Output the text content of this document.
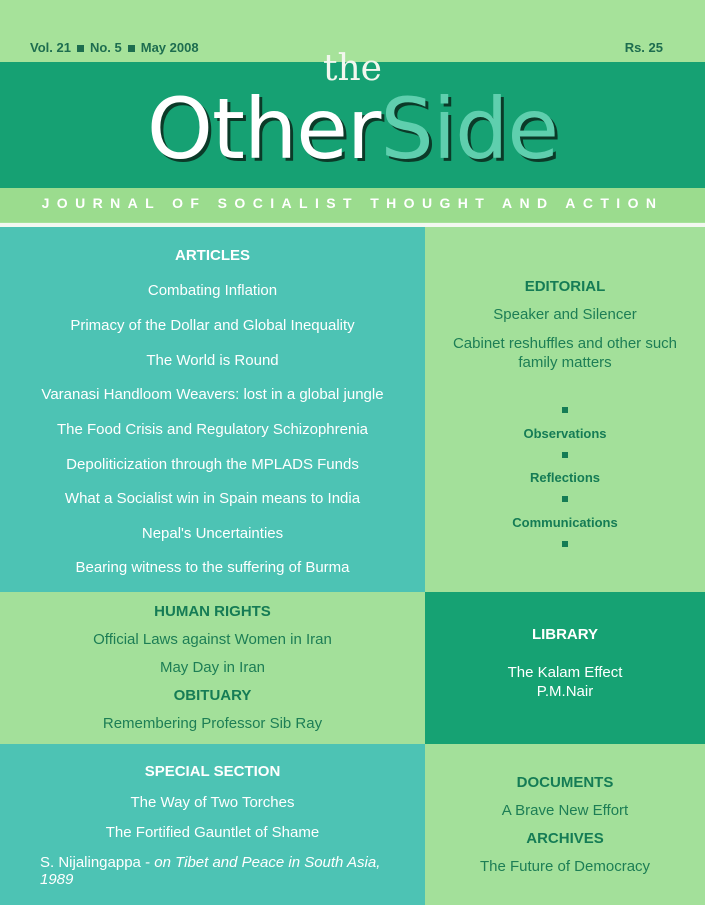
Vol. 21 No. 5 May 2008	Rs. 25
the
OtherSide
JOURNAL OF SOCIALIST THOUGHT AND ACTION
ARTICLES
Combating Inflation
Primacy of the Dollar and Global Inequality
The World is Round
Varanasi Handloom Weavers: lost in a global jungle
The Food Crisis and Regulatory Schizophrenia
Depoliticization through the MPLADS Funds
What a Socialist win in Spain means to India
Nepal's Uncertainties
Bearing witness to the suffering of Burma
EDITORIAL
Speaker and Silencer
Cabinet reshuffles and other such family matters
Observations
Reflections
Communications
HUMAN RIGHTS
Official Laws against Women in Iran
May Day in Iran
OBITUARY
Remembering Professor Sib Ray
LIBRARY
The Kalam Effect
P.M.Nair
SPECIAL SECTION
The Way of Two Torches
The Fortified Gauntlet of Shame
S. Nijalingappa - on Tibet and Peace in South Asia, 1989
DOCUMENTS
A Brave New Effort
ARCHIVES
The Future of Democracy
